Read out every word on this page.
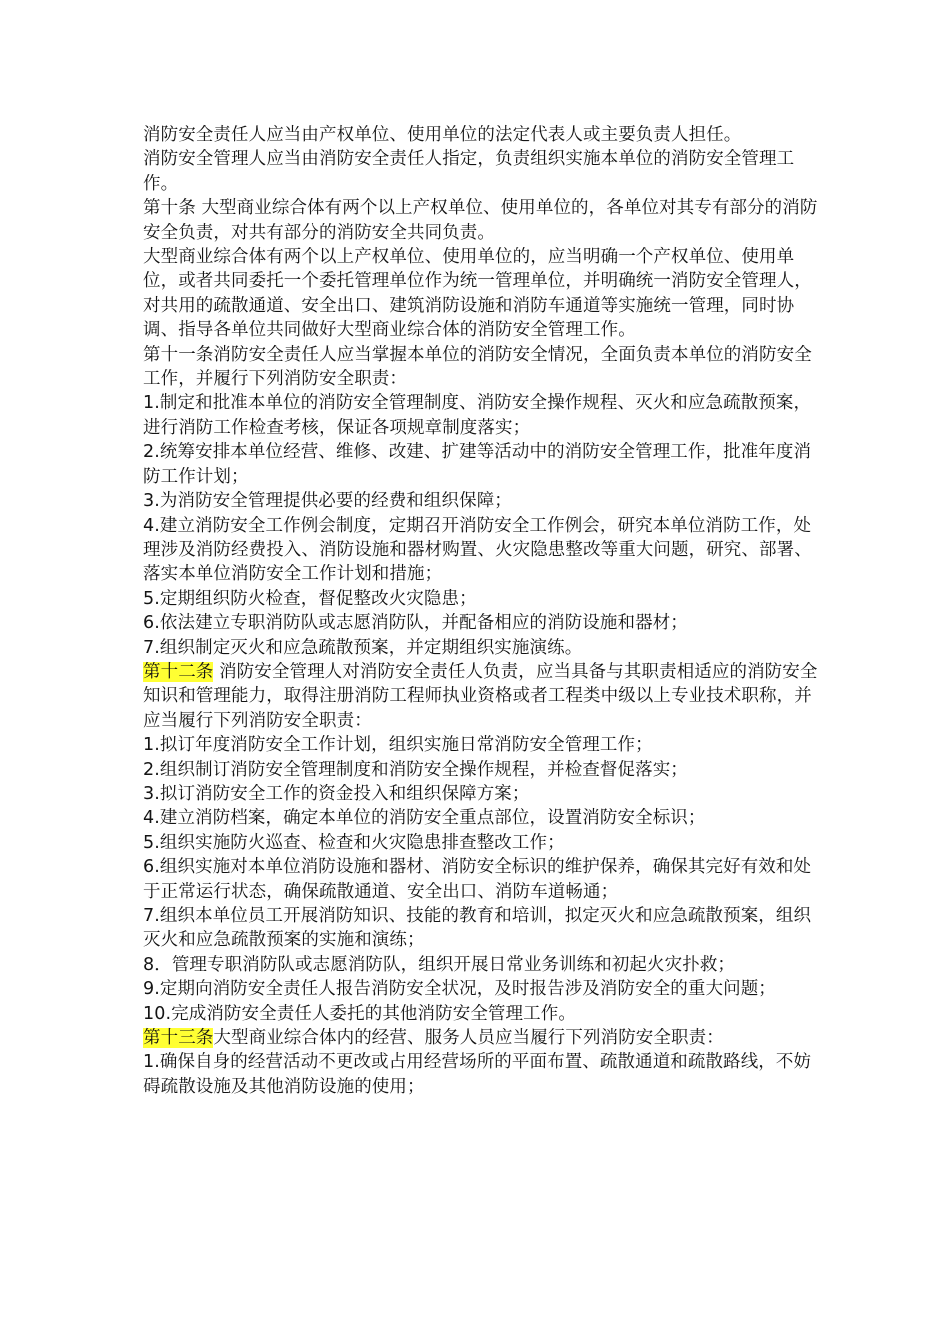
消防安全责任人应当由产权单位、使用单位的法定代表人或主要负责人担任。

消防安全管理人应当由消防安全责任人指定，负责组织实施本单位的消防安全管理工作。

第十条 大型商业综合体有两个以上产权单位、使用单位的，各单位对其专有部分的消防安全负责，对共有部分的消防安全共同负责。

大型商业综合体有两个以上产权单位、使用单位的，应当明确一个产权单位、使用单位，或者共同委托一个委托管理单位作为统一管理单位，并明确统一消防安全管理人，对共用的疏散通道、安全出口、建筑消防设施和消防车通道等实施统一管理，同时协调、指导各单位共同做好大型商业综合体的消防安全管理工作。

第十一条消防安全责任人应当掌握本单位的消防安全情况，全面负责本单位的消防安全工作，并履行下列消防安全职责：

1.制定和批准本单位的消防安全管理制度、消防安全操作规程、灭火和应急疏散预案，进行消防工作检查考核，保证各项规章制度落实；

2.统筹安排本单位经营、维修、改建、扩建等活动中的消防安全管理工作，批准年度消防工作计划；

3.为消防安全管理提供必要的经费和组织保障；

4.建立消防安全工作例会制度，定期召开消防安全工作例会，研究本单位消防工作，处理涉及消防经费投入、消防设施和器材购置、火灾隐患整改等重大问题，研究、部署、落实本单位消防安全工作计划和措施；

5.定期组织防火检查，督促整改火灾隐患；

6.依法建立专职消防队或志愿消防队，并配备相应的消防设施和器材；

7.组织制定灭火和应急疏散预案，并定期组织实施演练。

第十二条 消防安全管理人对消防安全责任人负责，应当具备与其职责相适应的消防安全知识和管理能力，取得注册消防工程师执业资格或者工程类中级以上专业技术职称，并应当履行下列消防安全职责：

1.拟订年度消防安全工作计划，组织实施日常消防安全管理工作；

2.组织制订消防安全管理制度和消防安全操作规程，并检查督促落实；

3.拟订消防安全工作的资金投入和组织保障方案；

4.建立消防档案，确定本单位的消防安全重点部位，设置消防安全标识；

5.组织实施防火巡查、检查和火灾隐患排查整改工作；

6.组织实施对本单位消防设施和器材、消防安全标识的维护保养，确保其完好有效和处于正常运行状态，确保疏散通道、安全出口、消防车道畅通；

7.组织本单位员工开展消防知识、技能的教育和培训，拟定灭火和应急疏散预案，组织灭火和应急疏散预案的实施和演练；

8．管理专职消防队或志愿消防队，组织开展日常业务训练和初起火灾扑救；

9.定期向消防安全责任人报告消防安全状况，及时报告涉及消防安全的重大问题；

10.完成消防安全责任人委托的其他消防安全管理工作。

第十三条大型商业综合体内的经营、服务人员应当履行下列消防安全职责：

1.确保自身的经营活动不更改或占用经营场所的平面布置、疏散通道和疏散路线，不妨碍疏散设施及其他消防设施的使用；
